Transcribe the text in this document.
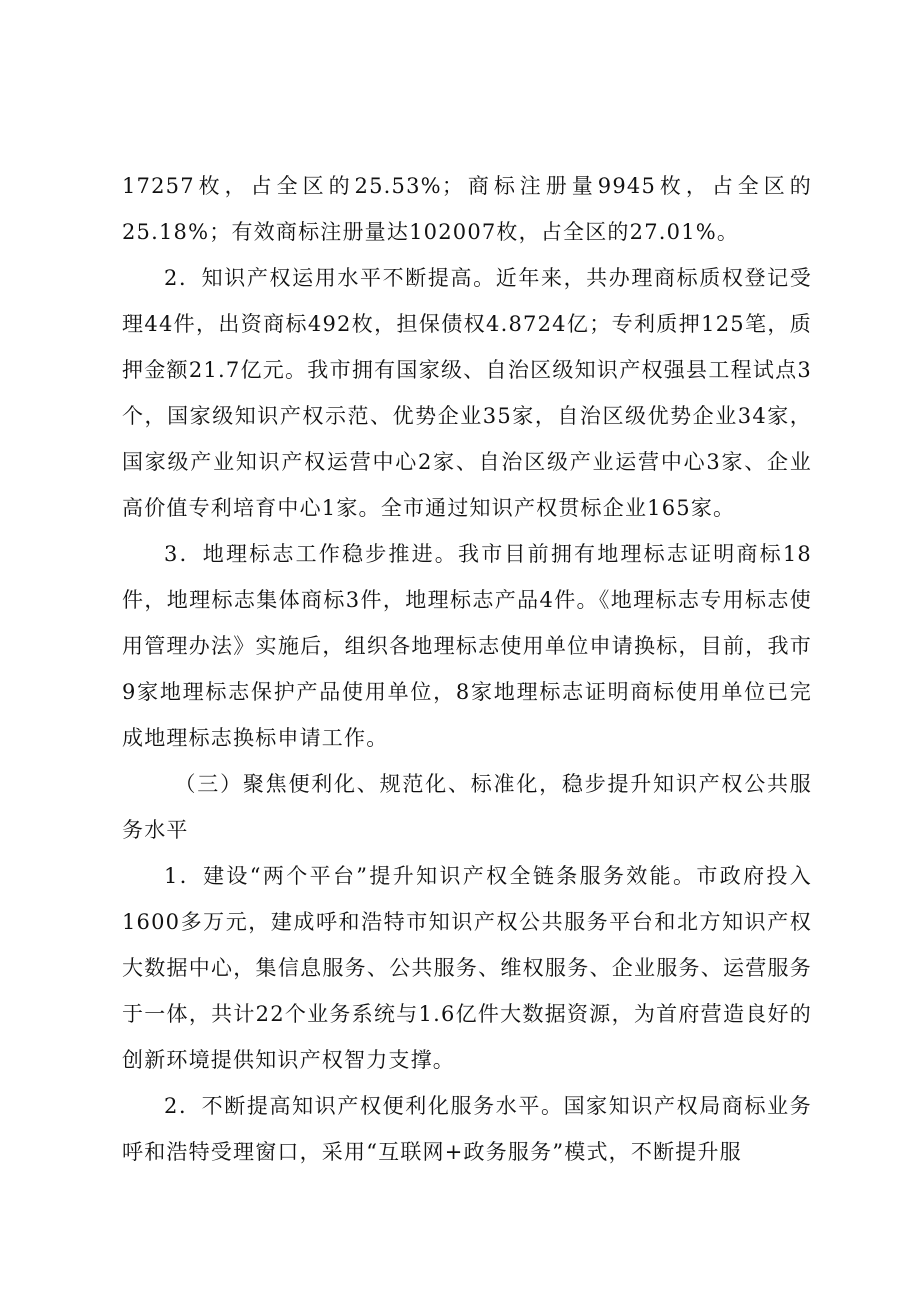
17257枚，占全区的25.53%；商标注册量9945枚，占全区的25.18%；有效商标注册量达102007枚，占全区的27.01%。

2．知识产权运用水平不断提高。近年来，共办理商标质权登记受理44件，出资商标492枚，担保债权4.8724亿；专利质押125笔，质押金额21.7亿元。我市拥有国家级、自治区级知识产权强县工程试点3个，国家级知识产权示范、优势企业35家，自治区级优势企业34家，国家级产业知识产权运营中心2家、自治区级产业运营中心3家、企业高价值专利培育中心1家。全市通过知识产权贯标企业165家。

3．地理标志工作稳步推进。我市目前拥有地理标志证明商标18件，地理标志集体商标3件，地理标志产品4件。《地理标志专用标志使用管理办法》实施后，组织各地理标志使用单位申请换标，目前，我市9家地理标志保护产品使用单位，8家地理标志证明商标使用单位已完成地理标志换标申请工作。

（三）聚焦便利化、规范化、标准化，稳步提升知识产权公共服务水平

1．建设“两个平台”提升知识产权全链条服务效能。市政府投入1600多万元，建成呼和浩特市知识产权公共服务平台和北方知识产权大数据中心，集信息服务、公共服务、维权服务、企业服务、运营服务于一体，共计22个业务系统与1.6亿件大数据资源，为首府营造良好的创新环境提供知识产权智力支撑。

2．不断提高知识产权便利化服务水平。国家知识产权局商标业务呼和浩特受理窗口，采用“互联网+政务服务”模式，不断提升服
